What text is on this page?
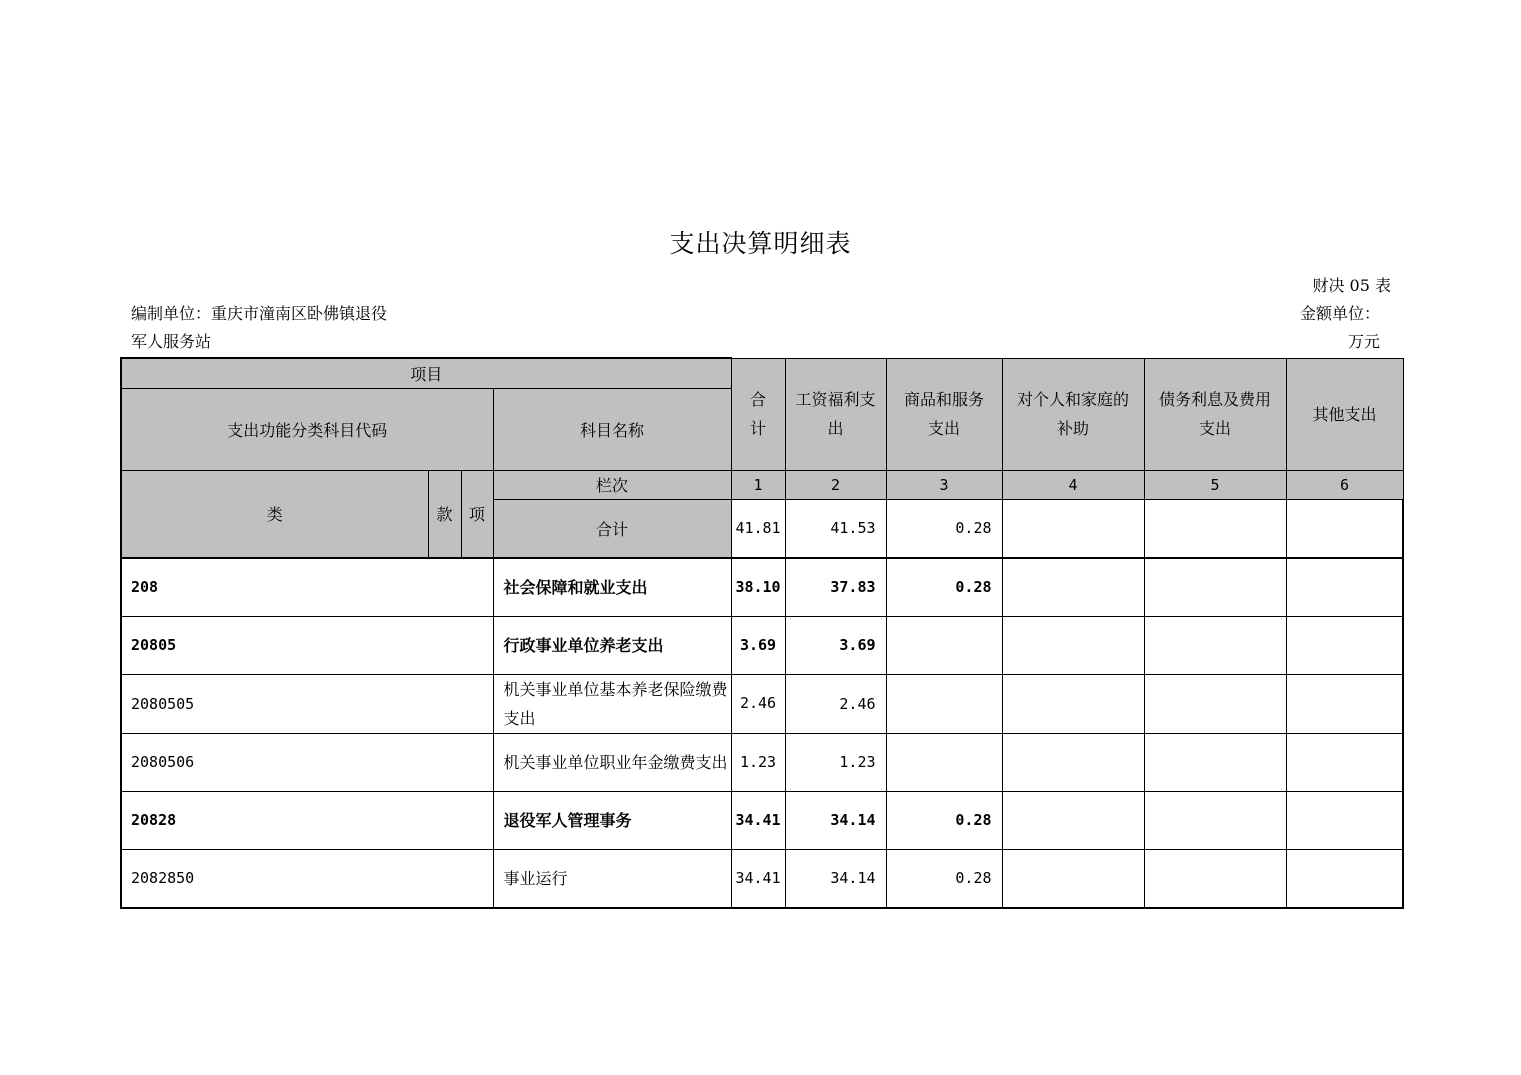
支出决算明细表
财决 05 表
编制单位：重庆市潼南区卧佛镇退役
军人服务站
金额单位：
万元
项目				合计	工资福利支出	商品和服务支出	对个人和家庭的补助	债务利息及费用支出	其他支出
支出功能分类科目代码			科目名称						
类	款	项	栏次	1	2	3	4	5	6
			合计	41.81	41.53	0.28			
208			社会保障和就业支出	38.10	37.83	0.28			
20805			行政事业单位养老支出	3.69	3.69				
2080505			机关事业单位基本养老保险缴费支出	2.46	2.46				
2080506			机关事业单位职业年金缴费支出	1.23	1.23				
20828			退役军人管理事务	34.41	34.14	0.28			
2082850			事业运行	34.41	34.14	0.28			
